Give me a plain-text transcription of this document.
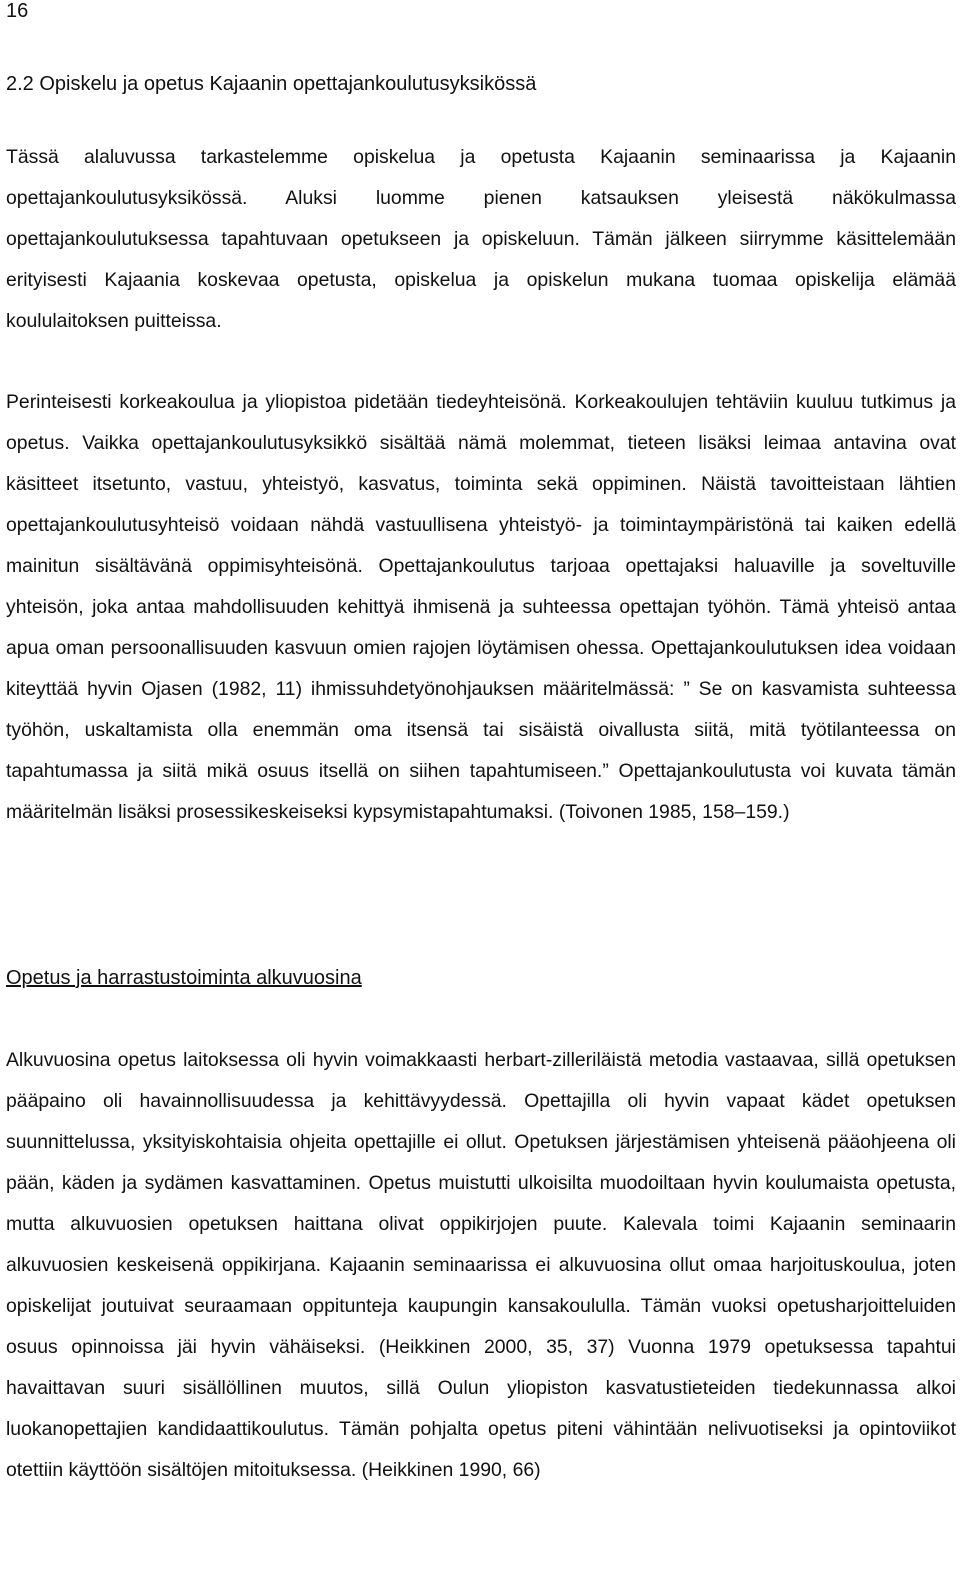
16
2.2 Opiskelu ja opetus Kajaanin opettajankoulutusyksikössä

Tässä alaluvussa tarkastelemme opiskelua ja opetusta Kajaanin seminaarissa ja Kajaanin opettajankoulutusyksikössä. Aluksi luomme pienen katsauksen yleisestä näkökulmassa opettajankoulutuksessa tapahtuvaan opetukseen ja opiskeluun. Tämän jälkeen siirrymme käsittelemään erityisesti Kajaania koskevaa opetusta, opiskelua ja opiskelun mukana tuomaa opiskelija elämää koululaitoksen puitteissa.

Perinteisesti korkeakoulua ja yliopistoa pidetään tiedeyhteisönä. Korkeakoulujen tehtäviin kuuluu tutkimus ja opetus. Vaikka opettajankoulutusyksikkö sisältää nämä molemmat, tieteen lisäksi leimaa antavina ovat käsitteet itsetunto, vastuu, yhteistyö, kasvatus, toiminta sekä oppiminen. Näistä tavoitteistaan lähtien opettajankoulutusyhteisö voidaan nähdä vastuullisena yhteistyö- ja toimintaympäristönä tai kaiken edellä mainitun sisältävänä oppimisyhteisönä. Opettajankoulutus tarjoaa opettajaksi haluaville ja soveltuville yhteisön, joka antaa mahdollisuuden kehittyä ihmisenä ja suhteessa opettajan työhön. Tämä yhteisö antaa apua oman persoonallisuuden kasvuun omien rajojen löytämisen ohessa. Opettajankoulutuksen idea voidaan kiteyttää hyvin Ojasen (1982, 11) ihmissuhdetyönohjauksen määritelmässä: ” Se on kasvamista suhteessa työhön, uskaltamista olla enemmän oma itsensä tai sisäistä oivallusta siitä, mitä työtilanteessa on tapahtumassa ja siitä mikä osuus itsellä on siihen tapahtumiseen.” Opettajankoulutusta voi kuvata tämän määritelmän lisäksi prosessikeskeiseksi kypsymistapahtumaksi. (Toivonen 1985, 158–159.)

Opetus ja harrastustoiminta alkuvuosina

Alkuvuosina opetus laitoksessa oli hyvin voimakkaasti herbart-zilleriläistä metodia vastaavaa, sillä opetuksen pääpaino oli havainnollisuudessa ja kehittävyydessä. Opettajilla oli hyvin vapaat kädet opetuksen suunnittelussa, yksityiskohtaisia ohjeita opettajille ei ollut. Opetuksen järjestämisen yhteisenä pääohjeena oli pään, käden ja sydämen kasvattaminen. Opetus muistutti ulkoisilta muodoiltaan hyvin koulumaista opetusta, mutta alkuvuosien opetuksen haittana olivat oppikirjojen puute. Kalevala toimi Kajaanin seminaarin alkuvuosien keskeisenä oppikirjana. Kajaanin seminaarissa ei alkuvuosina ollut omaa harjoituskoulua, joten opiskelijat joutuivat seuraamaan oppitunteja kaupungin kansakoululla. Tämän vuoksi opetusharjoitteluiden osuus opinnoissa jäi hyvin vähäiseksi. (Heikkinen 2000, 35, 37) Vuonna 1979 opetuksessa tapahtui havaittavan suuri sisällöllinen muutos, sillä Oulun yliopiston kasvatustieteiden tiedekunnassa alkoi luokanopettajien kandidaattikoulutus. Tämän pohjalta opetus piteni vähintään nelivuotiseksi ja opintoviikot otettiin käyttöön sisältöjen mitoituksessa. (Heikkinen 1990, 66)
